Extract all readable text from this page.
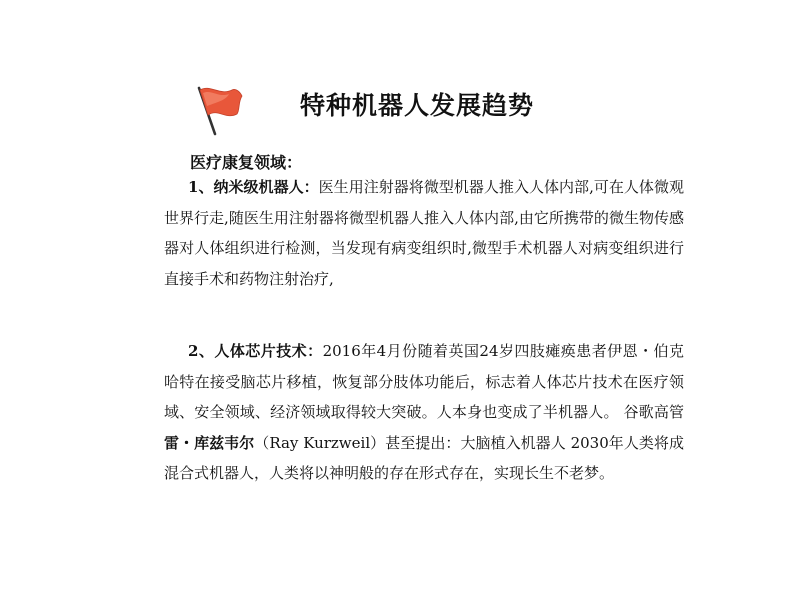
特种机器人发展趋势
医疗康复领域：

1、纳米级机器人：医生用注射器将微型机器人推入人体内部,可在人体微观世界行走,随医生用注射器将微型机器人推入人体内部,由它所携带的微生物传感器对人体组织进行检测，当发现有病变组织时,微型手术机器人对病变组织进行直接手术和药物注射治疗,

2、人体芯片技术：2016年4月份随着英国24岁四肢瘫痪患者伊恩・伯克哈特在接受脑芯片移植，恢复部分肢体功能后，标志着人体芯片技术在医疗领域、安全领域、经济领域取得较大突破。人本身也变成了半机器人。 谷歌高管雷・库兹韦尔（Ray Kurzweil）甚至提出：大脑植入机器人 2030年人类将成混合式机器人，人类将以神明般的存在形式存在，实现长生不老梦。
